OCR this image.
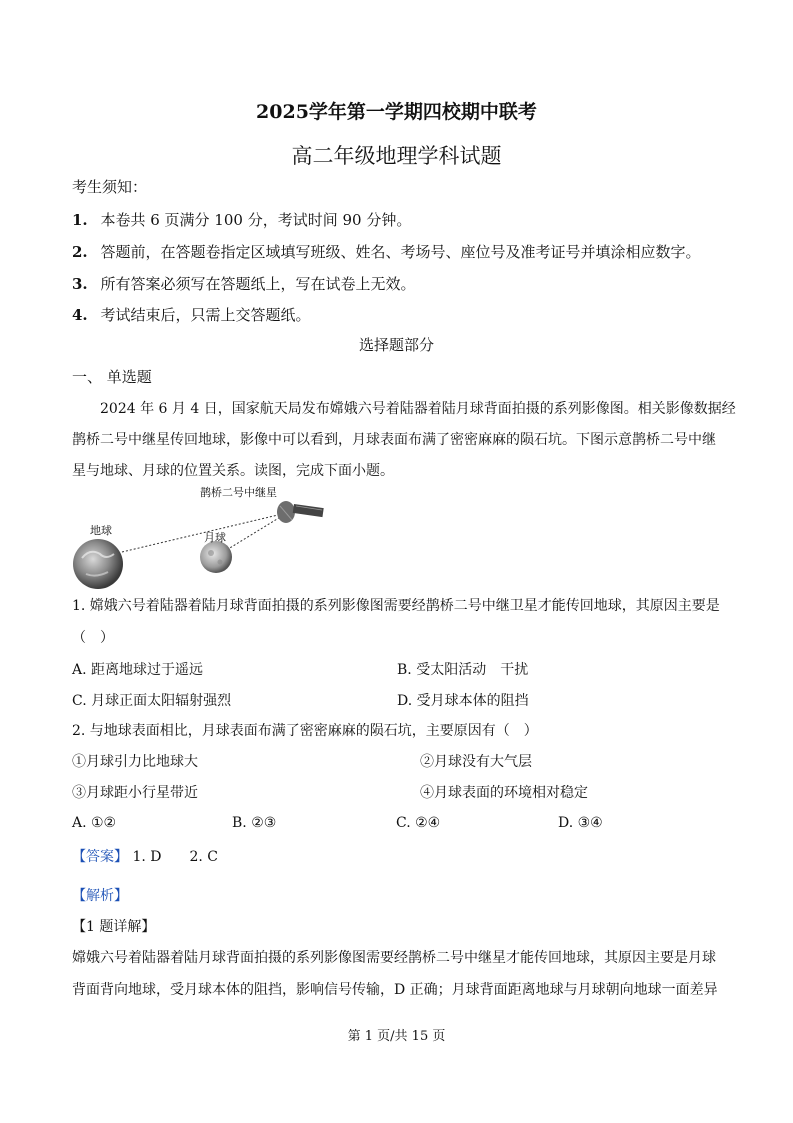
2025学年第一学期四校期中联考
高二年级地理学科试题
考生须知：
1. 本卷共 6 页满分 100 分，考试时间 90 分钟。
2. 答题前，在答题卷指定区域填写班级、姓名、考场号、座位号及准考证号并填涂相应数字。
3. 所有答案必须写在答题纸上，写在试卷上无效。
4. 考试结束后，只需上交答题纸。
选择题部分
一、 单选题
2024 年 6 月 4 日，国家航天局发布嫦娥六号着陆器着陆月球背面拍摄的系列影像图。相关影像数据经
鹊桥二号中继星传回地球，影像中可以看到，月球表面布满了密密麻麻的陨石坑。下图示意鹊桥二号中继
星与地球、月球的位置关系。读图，完成下面小题。
鹊桥二号中继星
地球
月球
1. 嫦娥六号着陆器着陆月球背面拍摄的系列影像图需要经鹊桥二号中继卫星才能传回地球，其原因主要是
（　）
A. 距离地球过于遥远	B. 受太阳活动　干扰
C. 月球正面太阳辐射强烈	D. 受月球本体的阻挡
2. 与地球表面相比，月球表面布满了密密麻麻的陨石坑，主要原因有（　）
①月球引力比地球大	②月球没有大气层
③月球距小行星带近	④月球表面的环境相对稳定
A. ①②	B. ②③	C. ②④	D. ③④
【答案】 1. D　　2. C
【解析】
【1 题详解】
嫦娥六号着陆器着陆月球背面拍摄的系列影像图需要经鹊桥二号中继星才能传回地球，其原因主要是月球
背面背向地球，受月球本体的阻挡，影响信号传输，D 正确；月球背面距离地球与月球朝向地球一面差异
第 1 页/共 15 页
